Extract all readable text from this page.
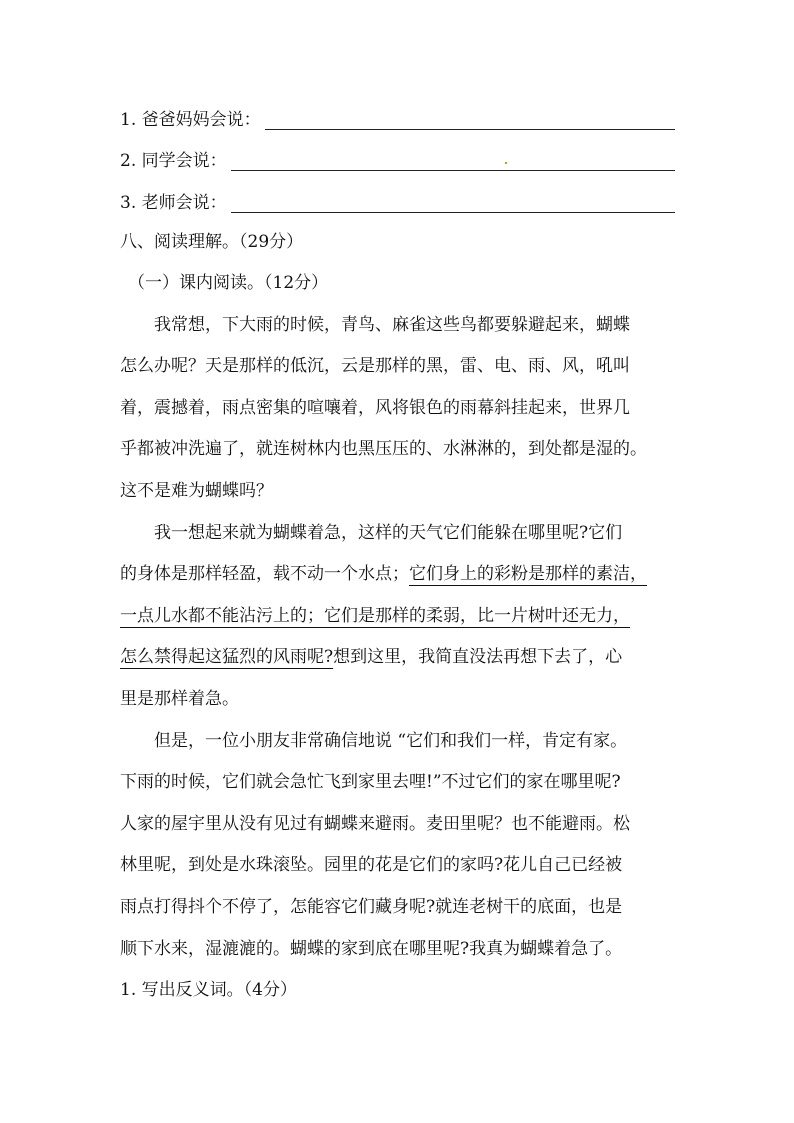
1. 爸爸妈妈会说：
2. 同学会说：
3. 老师会说：
八、阅读理解。（29分）
（一）课内阅读。（12分）
我常想，下大雨的时候，青鸟、麻雀这些鸟都要躲避起来，蝴蝶
怎么办呢？天是那样的低沉，云是那样的黑，雷、电、雨、风，吼叫
着，震撼着，雨点密集的喧嚷着，风将银色的雨幕斜挂起来，世界几
乎都被冲洗遍了，就连树林内也黑压压的、水淋淋的，到处都是湿的。
这不是难为蝴蝶吗？
我一想起来就为蝴蝶着急，这样的天气它们能躲在哪里呢?它们
的身体是那样轻盈，载不动一个水点；它们身上的彩粉是那样的素洁，
一点儿水都不能沾污上的；它们是那样的柔弱，比一片树叶还无力，
怎么禁得起这猛烈的风雨呢?想到这里，我简直没法再想下去了，心
里是那样着急。
但是，一位小朋友非常确信地说 “它们和我们一样，肯定有家。
下雨的时候，它们就会急忙飞到家里去哩!”不过它们的家在哪里呢?
人家的屋宇里从没有见过有蝴蝶来避雨。麦田里呢？也不能避雨。松
林里呢，到处是水珠滚坠。园里的花是它们的家吗?花儿自己已经被
雨点打得抖个不停了，怎能容它们藏身呢?就连老树干的底面，也是
顺下水来，湿漉漉的。蝴蝶的家到底在哪里呢?我真为蝴蝶着急了。
1. 写出反义词。（4分）
